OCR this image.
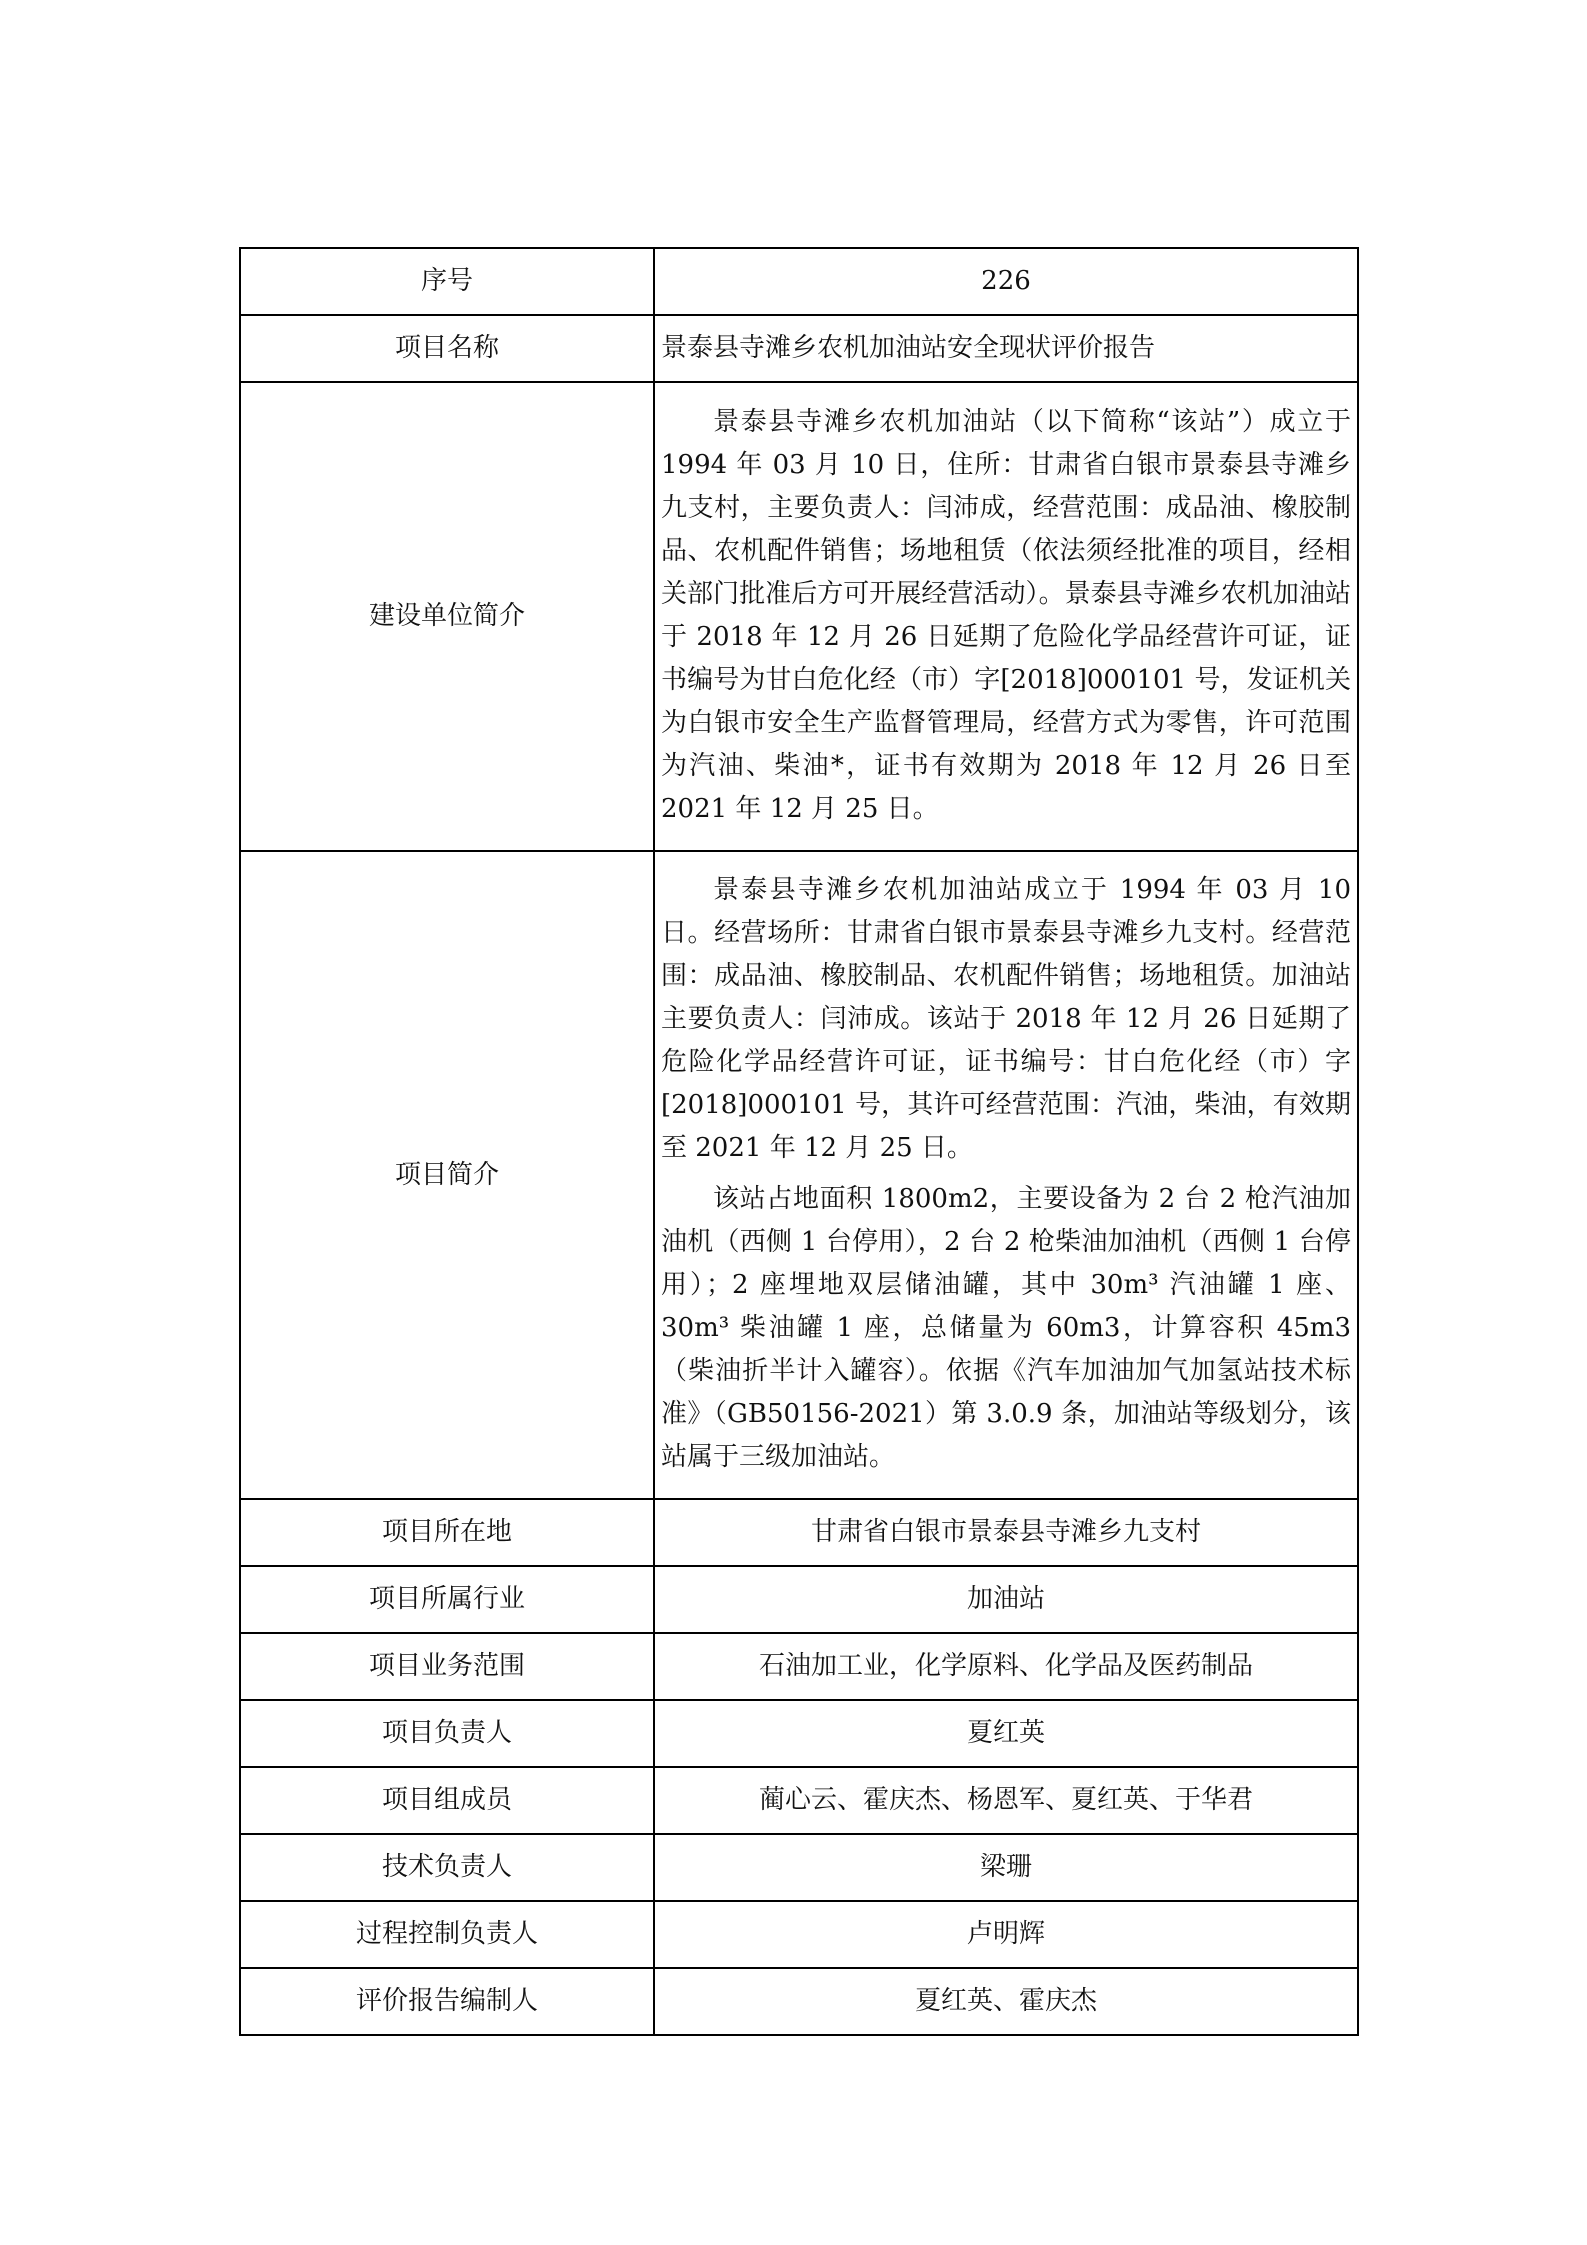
序号	226
项目名称	景泰县寺滩乡农机加油站安全现状评价报告
建设单位简介	景泰县寺滩乡农机加油站（以下简称“该站”）成立于 1994 年 03 月 10 日，住所：甘肃省白银市景泰县寺滩乡九支村，主要负责人：闫沛成，经营范围：成品油、橡胶制品、农机配件销售；场地租赁（依法须经批准的项目，经相关部门批准后方可开展经营活动）。景泰县寺滩乡农机加油站于 2018 年 12 月 26 日延期了危险化学品经营许可证，证书编号为甘白危化经（市）字[2018]000101 号，发证机关为白银市安全生产监督管理局，经营方式为零售，许可范围为汽油、柴油*，证书有效期为 2018 年 12 月 26 日至 2021 年 12 月 25 日。

项目简介	景泰县寺滩乡农机加油站成立于 1994 年 03 月 10 日。经营场所：甘肃省白银市景泰县寺滩乡九支村。经营范围：成品油、橡胶制品、农机配件销售；场地租赁。加油站主要负责人：闫沛成。该站于 2018 年 12 月 26 日延期了危险化学品经营许可证，证书编号：甘白危化经（市）字[2018]000101 号，其许可经营范围：汽油，柴油，有效期至 2021 年 12 月 25 日。

该站占地面积 1800m2，主要设备为 2 台 2 枪汽油加油机（西侧 1 台停用），2 台 2 枪柴油加油机（西侧 1 台停用）；2 座埋地双层储油罐，其中 30m³ 汽油罐 1 座、30m³ 柴油罐 1 座，总储量为 60m3，计算容积 45m3（柴油折半计入罐容）。依据《汽车加油加气加氢站技术标准》（GB50156-2021）第 3.0.9 条，加油站等级划分，该站属于三级加油站。

项目所在地	甘肃省白银市景泰县寺滩乡九支村
项目所属行业	加油站
项目业务范围	石油加工业，化学原料、化学品及医药制品
项目负责人	夏红英
项目组成员	蔺心云、霍庆杰、杨恩军、夏红英、于华君
技术负责人	梁珊
过程控制负责人	卢明辉
评价报告编制人	夏红英、霍庆杰
